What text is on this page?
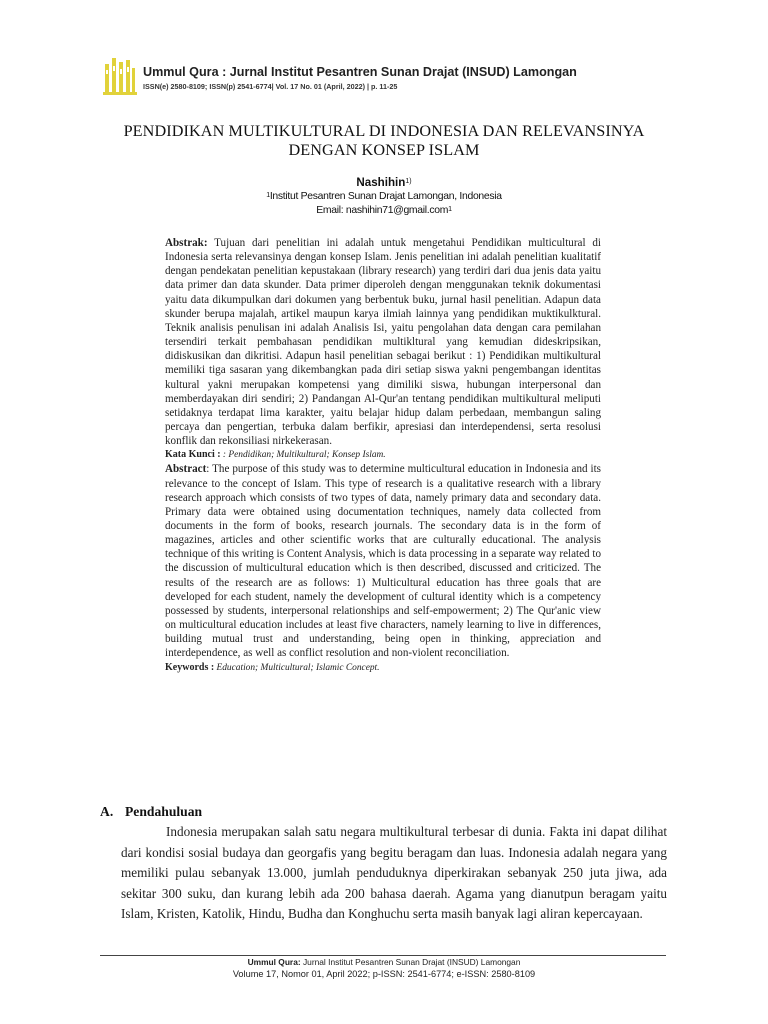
Ummul Qura : Jurnal Institut Pesantren Sunan Drajat (INSUD) Lamongan
ISSN(e) 2580-8109; ISSN(p) 2541-6774| Vol. 17 No. 01 (April, 2022) | p. 11-25
PENDIDIKAN MULTIKULTURAL DI INDONESIA DAN RELEVANSINYA
DENGAN KONSEP ISLAM
Nashihin$^{1)}$
$^1$Institut Pesantren Sunan Drajat Lamongan, Indonesia
Email: nashihin71@gmail.com$^1$

Abstrak: Tujuan dari penelitian ini adalah untuk mengetahui Pendidikan multicultural di Indonesia serta relevansinya dengan konsep Islam. Jenis penelitian ini adalah penelitian kualitatif dengan pendekatan penelitian kepustakaan (library research) yang terdiri dari dua jenis data yaitu data primer dan data skunder. Data primer diperoleh dengan menggunakan teknik dokumentasi yaitu data dikumpulkan dari dokumen yang berbentuk buku, jurnal hasil penelitian. Adapun data skunder berupa majalah, artikel maupun karya ilmiah lainnya yang pendidikan muktikulktural. Teknik analisis penulisan ini adalah Analisis Isi, yaitu pengolahan data dengan cara pemilahan tersendiri terkait pembahasan pendidikan multikltural yang kemudian dideskripsikan, didiskusikan dan dikritisi. Adapun hasil penelitian sebagai berikut : 1) Pendidikan multikultural memiliki tiga sasaran yang dikembangkan pada diri setiap siswa yakni pengembangan identitas kultural yakni merupakan kompetensi yang dimiliki siswa, hubungan interpersonal dan memberdayakan diri sendiri; 2) Pandangan Al-Qur'an tentang pendidikan multikultural meliputi setidaknya terdapat lima karakter, yaitu belajar hidup dalam perbedaan, membangun saling percaya dan pengertian, terbuka dalam berfikir, apresiasi dan interdependensi, serta resolusi konflik dan rekonsiliasi nirkekerasan.

Kata Kunci : : Pendidikan; Multikultural; Konsep Islam.

Abstract: The purpose of this study was to determine multicultural education in Indonesia and its relevance to the concept of Islam. This type of research is a qualitative research with a library research approach which consists of two types of data, namely primary data and secondary data. Primary data were obtained using documentation techniques, namely data collected from documents in the form of books, research journals. The secondary data is in the form of magazines, articles and other scientific works that are culturally educational. The analysis technique of this writing is Content Analysis, which is data processing in a separate way related to the discussion of multicultural education which is then described, discussed and criticized. The results of the research are as follows: 1) Multicultural education has three goals that are developed for each student, namely the development of cultural identity which is a competency possessed by students, interpersonal relationships and self-empowerment; 2) The Qur'anic view on multicultural education includes at least five characters, namely learning to live in differences, building mutual trust and understanding, being open in thinking, appreciation and interdependence, as well as conflict resolution and non-violent reconciliation.

Keywords : Education; Multicultural; Islamic Concept.

A. Pendahuluan

Indonesia merupakan salah satu negara multikultural terbesar di dunia. Fakta ini dapat dilihat dari kondisi sosial budaya dan georgafis yang begitu beragam dan luas. Indonesia adalah negara yang memiliki pulau sebanyak 13.000, jumlah penduduknya diperkirakan sebanyak 250 juta jiwa, ada sekitar 300 suku, dan kurang lebih ada 200 bahasa daerah. Agama yang dianutpun beragam yaitu Islam, Kristen, Katolik, Hindu, Budha dan Konghuchu serta masih banyak lagi aliran kepercayaan.

Ummul Qura: Jurnal Institut Pesantren Sunan Drajat (INSUD) Lamongan
Volume 17, Nomor 01, April 2022; p-ISSN: 2541-6774; e-ISSN: 2580-8109
